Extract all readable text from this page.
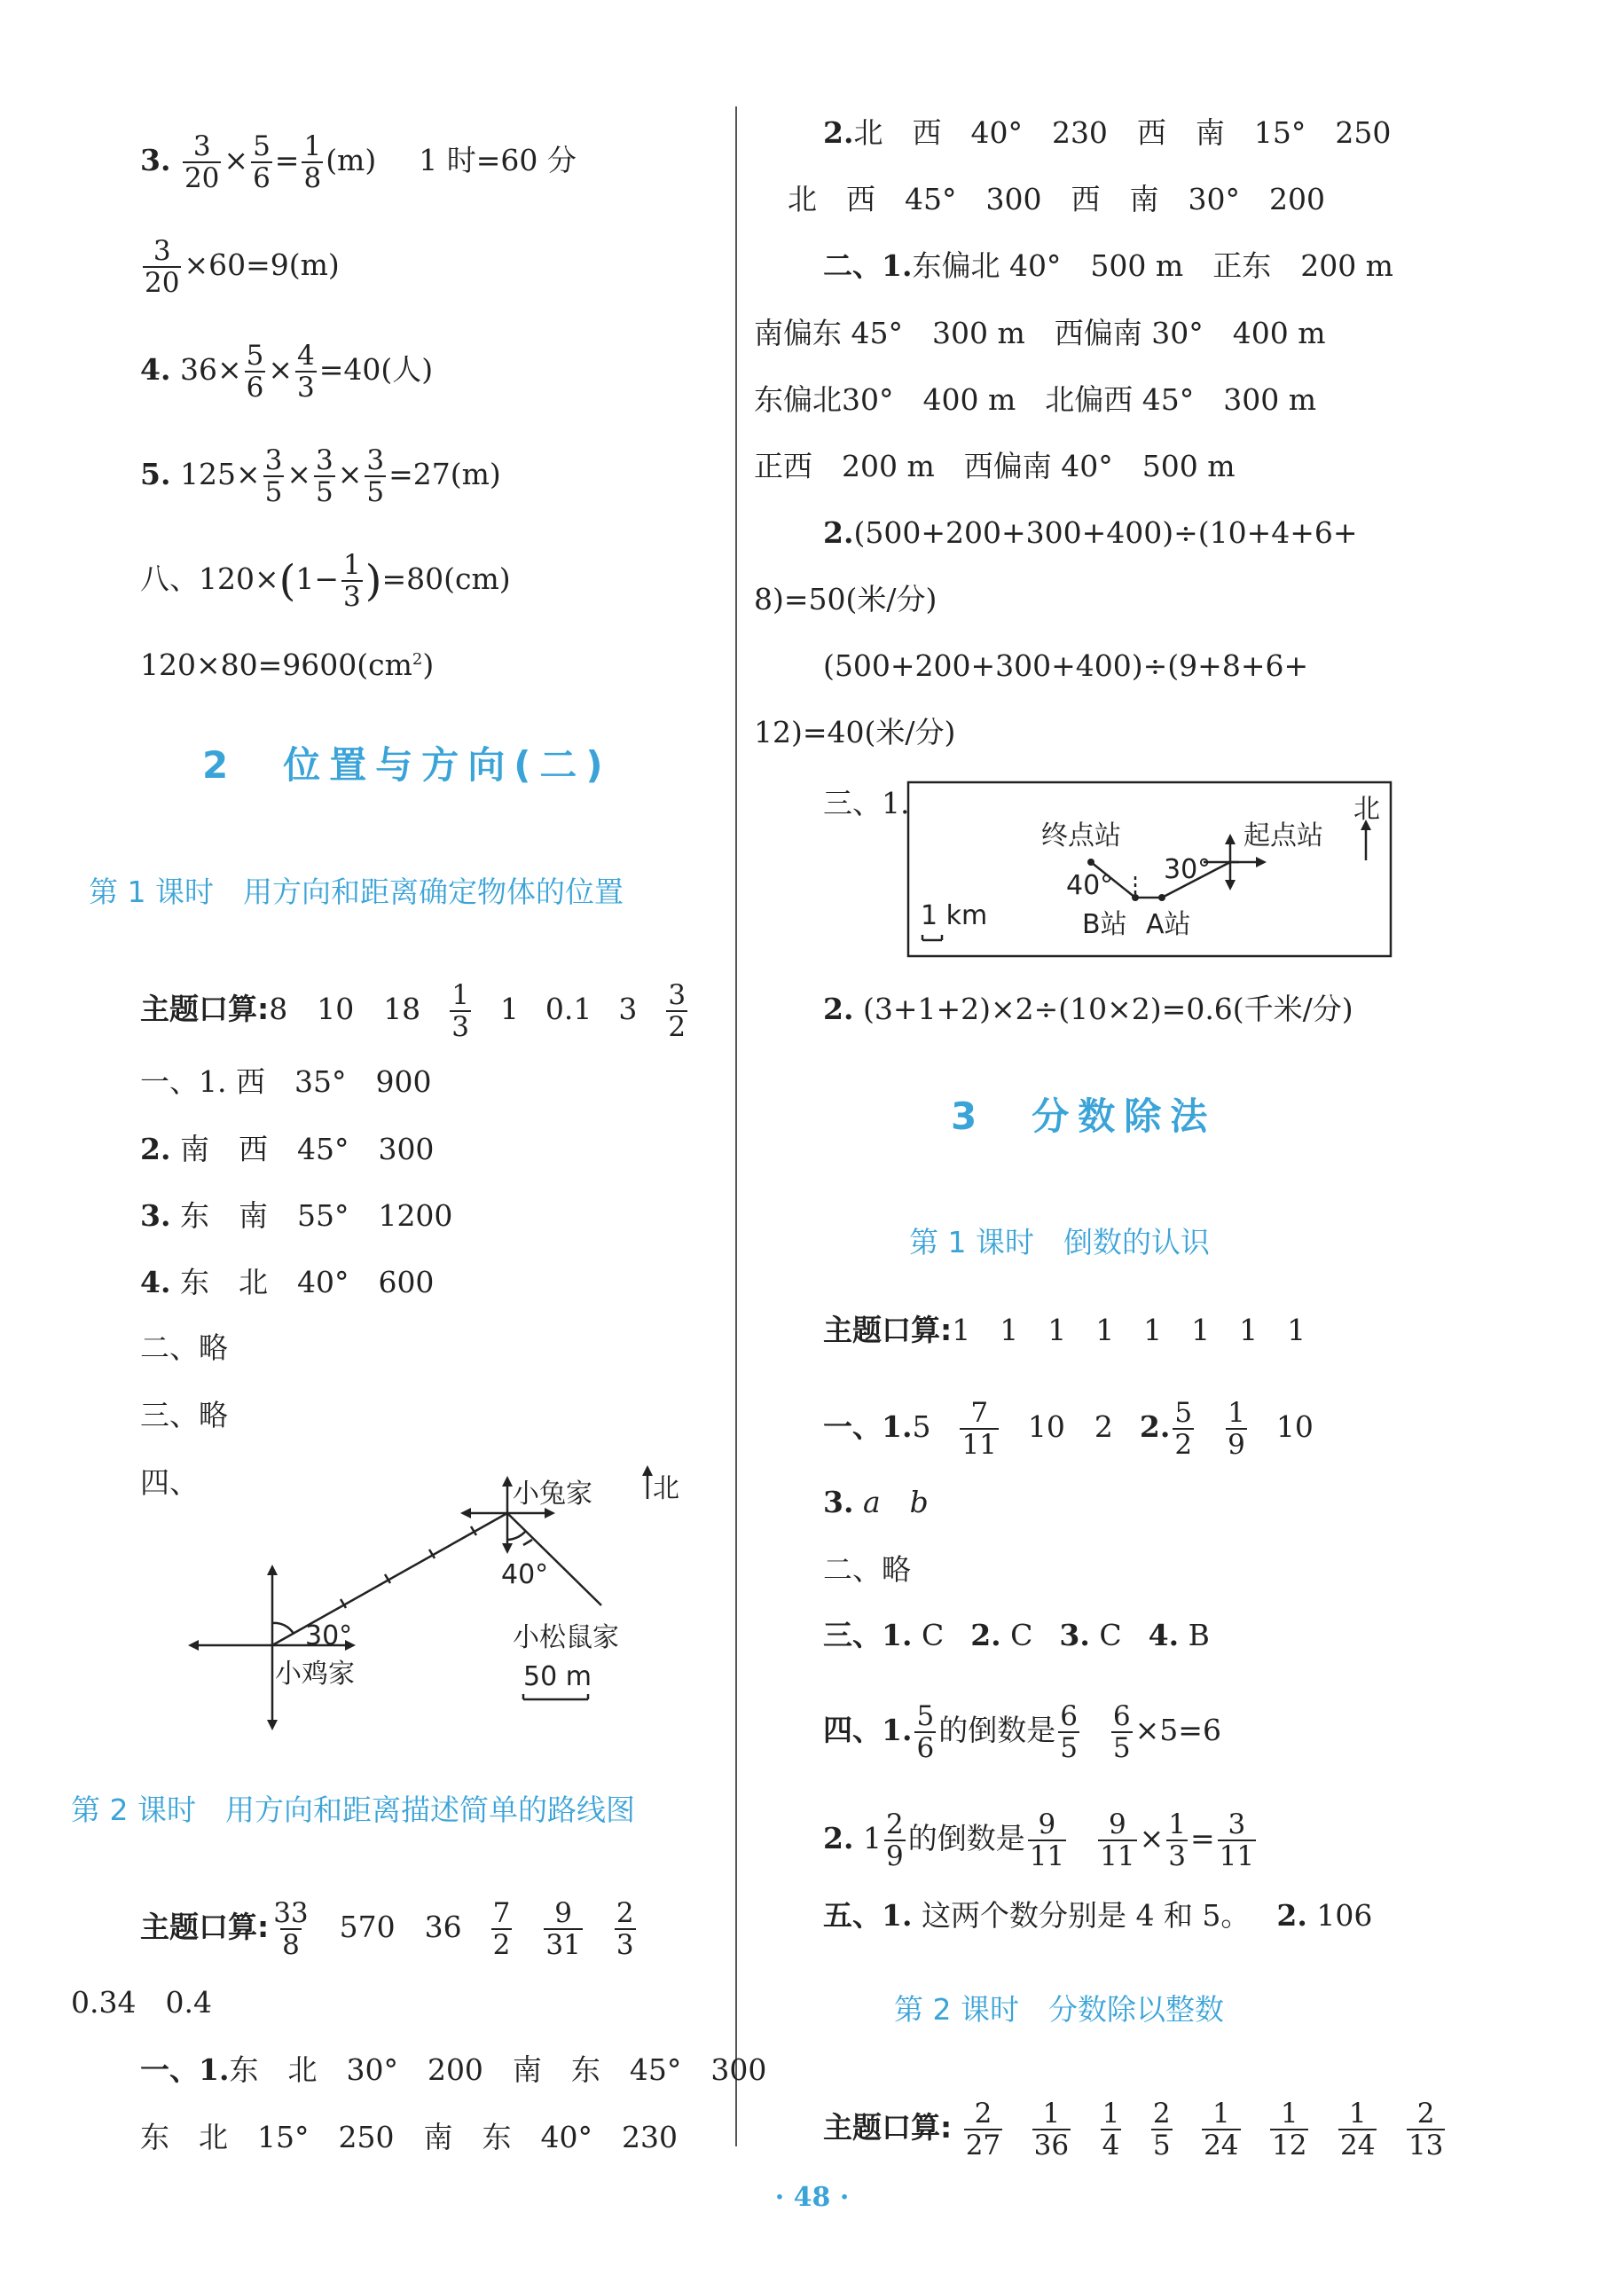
3. $\frac{3}{20} \times \frac{5}{6} = \frac{1}{8} (m)$ 1 时=60 分
$\frac{3}{20} \times 60=9(m)$
4. $36\times \frac{5}{6} \times \frac{4}{3} =40$(人)
5. $125\times \frac{3}{5} \times \frac{3}{5} \times \frac{3}{5} =27(m)$
八、$120\times(1- \frac{1}{3} )=80(cm)$
$120\times 80=9600(cm^2)$
2　位置与方向(二)
第 1 课时　用方向和距离确定物体的位置
主题口算:8　10　$18 \frac{1}{3} 1$ 0.1 $3 \frac{3}{2}$
一、1. 西　35°　900
2. 南　西　45°　300
3. 东　南　55°　1200
4. 东　北　40°　600
二、略
三、略
四、	小兔家 北
40°
小松鼠家
30°
小鸡家	50 m
第 2 课时　用方向和距离描述简单的路线图
主题口算: $\frac{33}{8} 570$　$36 \frac{7}{2} \frac{9}{31} \frac{2}{3}$
0.34　0.4
一、1.东　北　30°　200　南　东　45°　300
东　北　15°　250　南　东　40°　230
2.北　西　40°　230　西　南　15°　250
北　西　45°　300　西　南　30°　200
二、1.东偏北 40°　500 m　正东　200 m
南偏东 45°　300 m　西偏南 30°　400 m
东偏北30°　400 m　北偏西 45°　300 m
正西　200 m　西偏南 40°　500 m
2.(500+200+300+400)÷(10+4+6+
8)=50(米/分)
(500+200+300+400)÷(9+8+6+
12)=40(米/分)
三、1.
终点站	起点站
北
40°
30°
1 km	B站 A站
2. (3+1+2)×2÷(10×2)=0.6(千米/分)
3　分数除法
第 1 课时　倒数的认识
主题口算:1　1　1　1　1　1　1　1
一、$1.5 \frac{7}{11} 10$　2 2. $\frac{5}{2} \frac{1}{9} 10$
3. a　b
二、略
三、1. C 2. C 3. C 4. B
四、1. $\frac{5}{6}$ 的倒数是 $\frac{6}{5} \frac{6}{5} \times 5=6$
2. $1 \frac{2}{9}$ 的倒数是 $\frac{9}{11} \frac{9}{11} \times \frac{1}{3} = \frac{3}{11}$
五、1. 这两个数分别是 4 和 5。 2. 106
第 2 课时　分数除以整数
主题口算: $\frac{2}{27}$
$\frac{1}{36}$
$\frac{1}{4}$
$\frac{2}{5}$
$\frac{1}{24}$
$\frac{1}{12}$
$\frac{1}{24}$
$\frac{2}{13}$
· 48 ·
